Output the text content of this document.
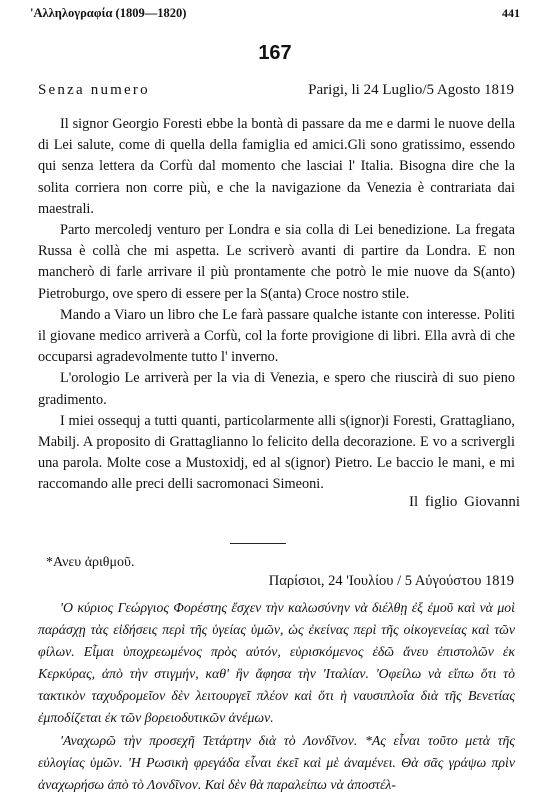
'Αλληλογραφία (1809—1820)	441
167
Senza numero	Parigi, li 24 Luglio/5 Agosto 1819

Il signor Georgio Foresti ebbe la bontà di passare da me e darmi le nuove della di Lei salute, come di quella della famiglia ed amici.Gli sono gratissimo, essendo qui senza lettera da Corfù dal momento che lasciai l' Italia. Bisogna dire che la solita corriera non corre più, e che la navigazione da Venezia è contrariata dai maestrali.

Parto mercoledj venturo per Londra e sia colla di Lei benedizione. La fregata Russa è collà che mi aspetta. Le scriverò avanti di partire da Londra. E non mancherò di farle arrivare il più prontamente che potrò le mie nuove da S(anto) Pietroburgo, ove spero di essere per la S(anta) Croce nostro stile.

Mando a Viaro un libro che Le farà passare qualche istante con interesse. Politi il giovane medico arriverà a Corfù, col la forte provigione di libri. Ella avrà di che occuparsi agradevolmente tutto l' inverno.

L'orologio Le arriverà per la via di Venezia, e spero che riuscirà di suo pieno gradimento.

I miei ossequj a tutti quanti, particolarmente alli s(ignor)i Foresti, Grattagliano, Mabilj. A proposito di Grattaglianno lo felicito della decorazione. E vo a scrivergli una parola. Molte cose a Mustoxidj, ed al s(ignor) Pietro. Le baccio le mani, e mi raccomando alle preci delli sacromonaci Simeoni.

Il figlio Giovanni
*Ανευ ἀριθμοῦ.
Παρίσιοι, 24 'Ιουλίου / 5 Αὐγούστου 1819

'Ο κύριος Γεώργιος Φορέστης ἔσχεν τὴν καλωσύνην νὰ διέλθῃ ἐξ ἐμοῦ καὶ νὰ μοὶ παράσχῃ τὰς εἰδήσεις περὶ τῆς ὑγείας ὑμῶν, ὡς ἐκείνας περὶ τῆς οἰκογενείας καὶ τῶν φίλων. Εἶμαι ὑποχρεωμένος πρὸς αὐτόν, εὑρισκόμενος ἐδῶ ἄνευ ἐπιστολῶν ἐκ Κερκύρας, ἀπὸ τὴν στιγμήν, καθ' ἣν ἄφησα τὴν 'Ιταλίαν. 'Οφείλω νὰ εἴπω ὅτι τὸ τακτικὸν ταχυδρομεῖον δὲν λειτουργεῖ πλέον καὶ ὅτι ἡ ναυσιπλοΐα διὰ τῆς Βενετίας ἐμποδίζεται ἐκ τῶν βορειοδυτικῶν ἀνέμων.

'Αναχωρῶ τὴν προσεχῆ Τετάρτην διὰ τὸ Λονδῖνον. *Ας εἶναι τοῦτο μετὰ τῆς εὐλογίας ὑμῶν. 'Η Ρωσικὴ φρεγάδα εἶναι ἐκεῖ καὶ μὲ ἀναμένει. Θὰ σᾶς γράψω πρὶν ἀναχωρήσω ἀπὸ τὸ Λονδῖνον. Καὶ δὲν θὰ παραλείπω νὰ ἀποστέλ-
